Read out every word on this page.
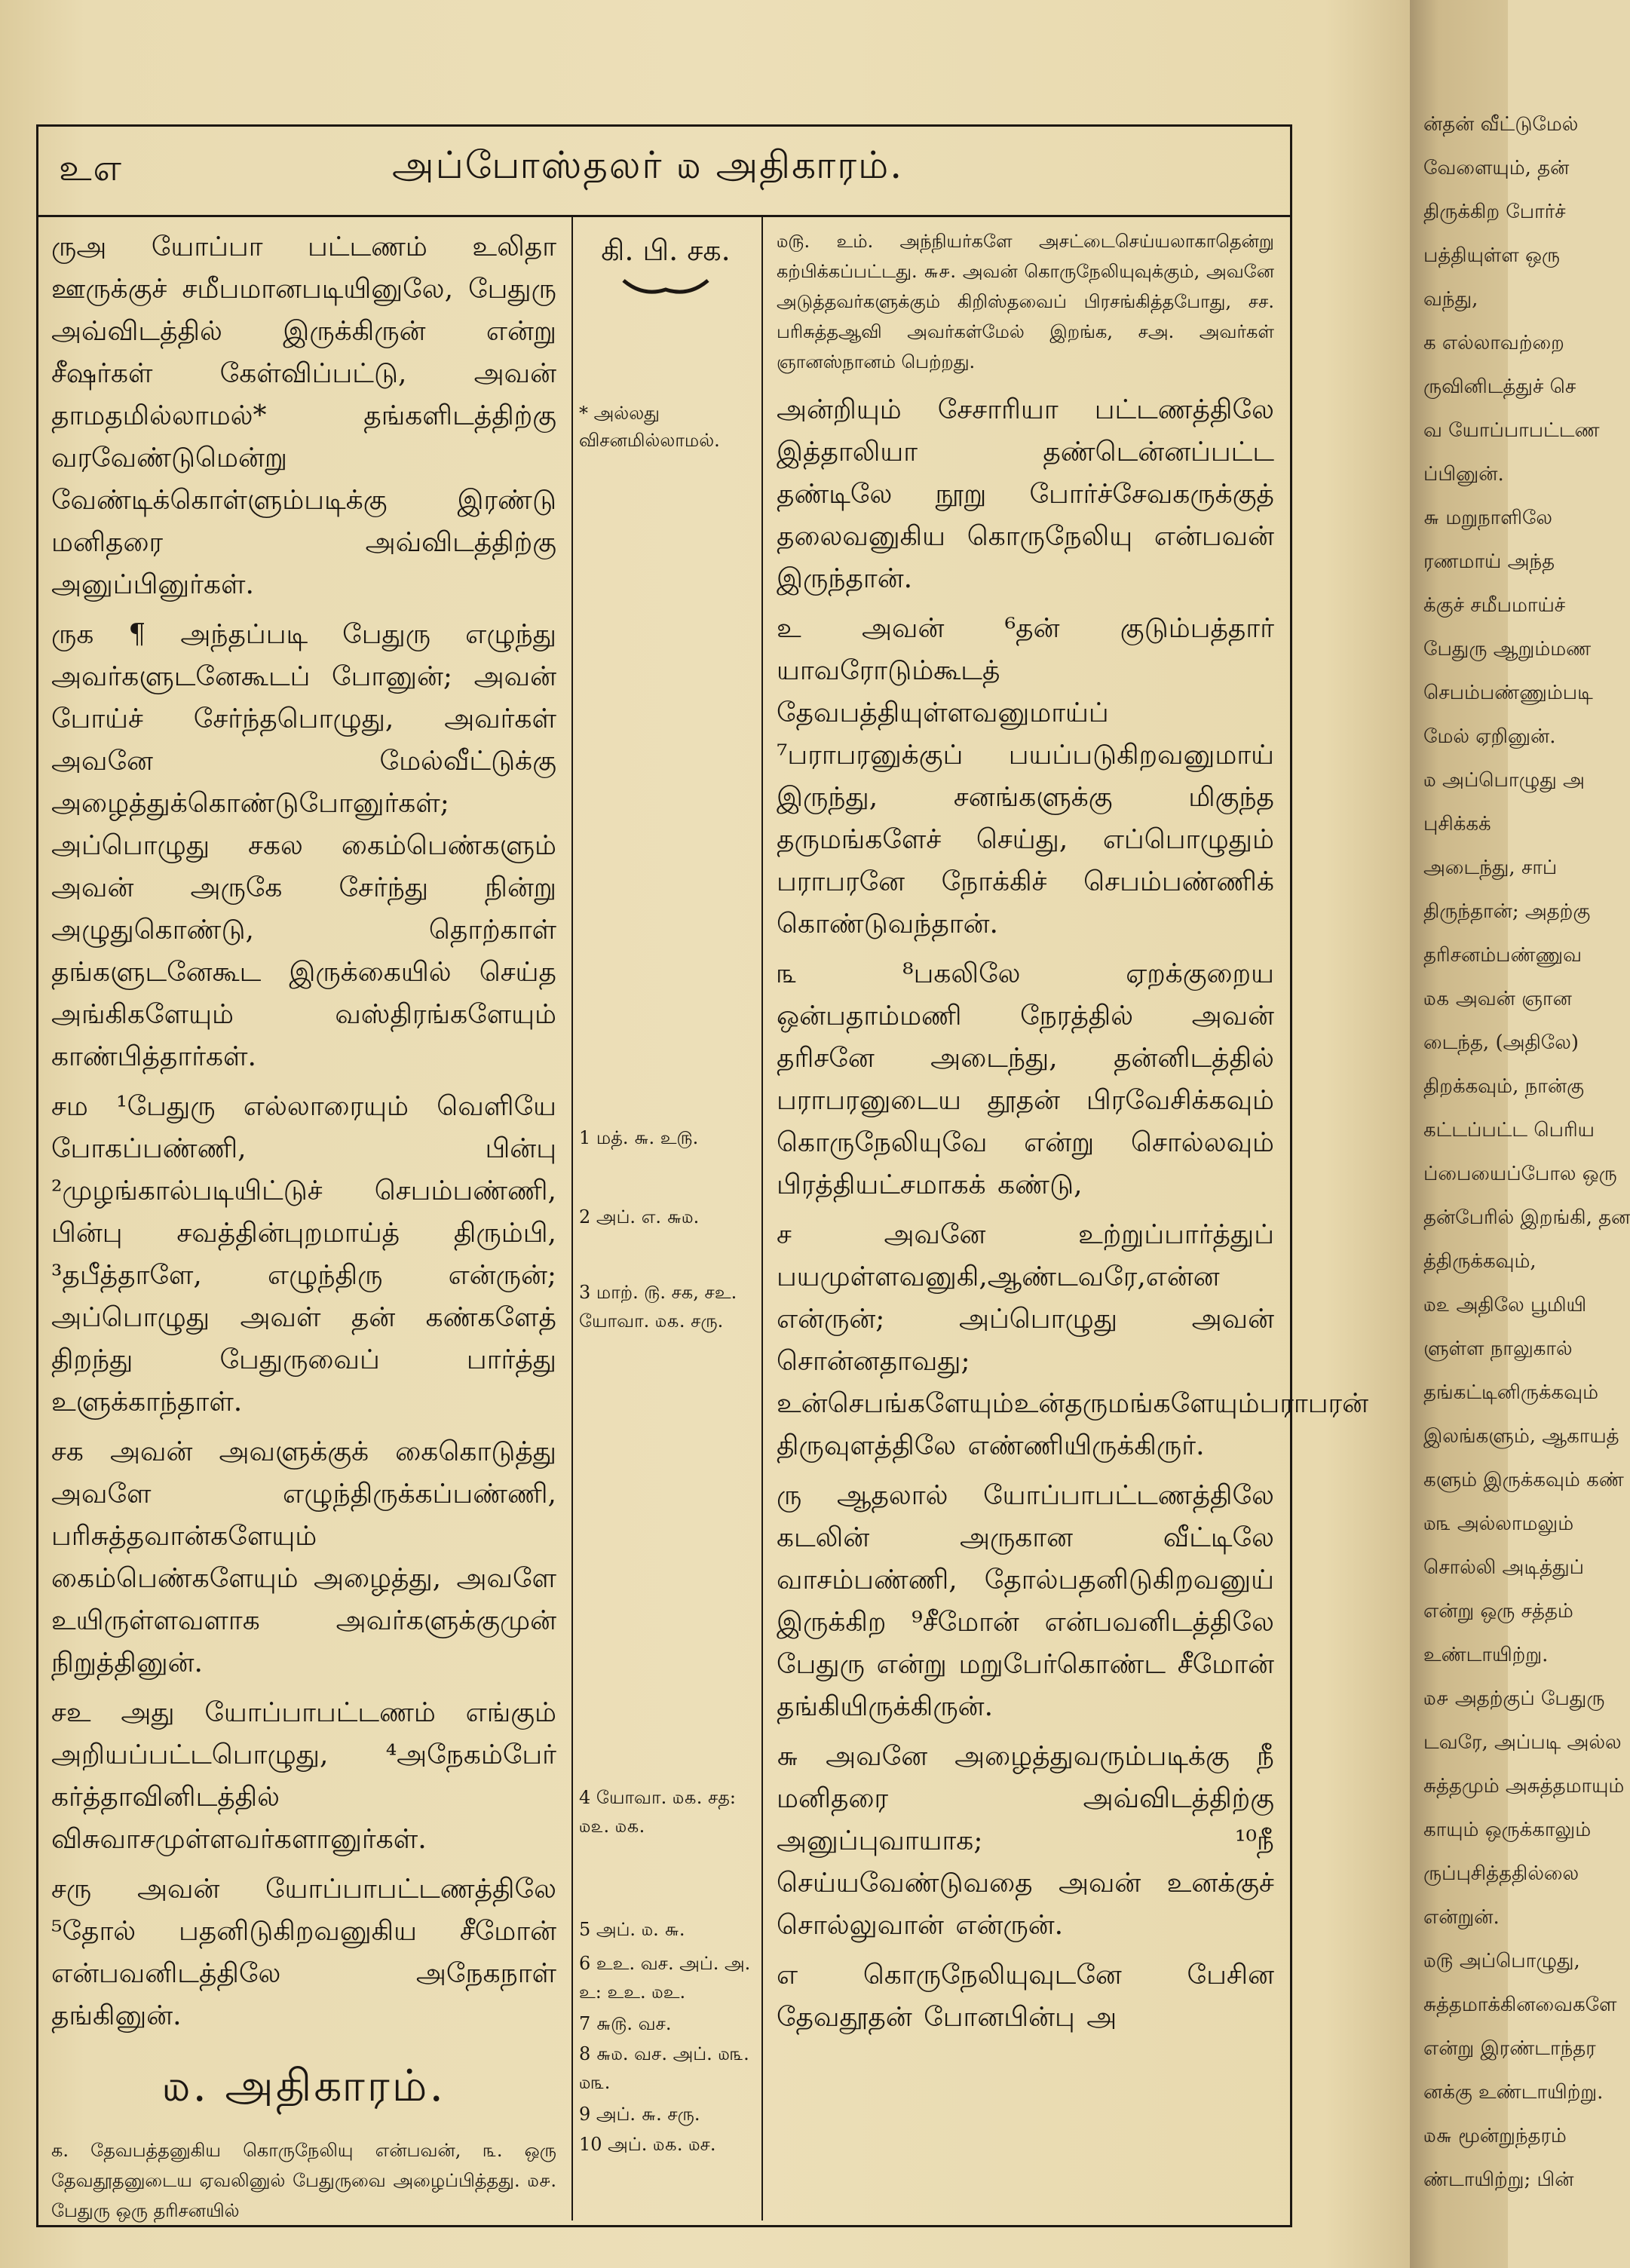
உஎ	அப்போஸ்தலர் ௰ அதிகாரம்.

ருஅ யோப்பா பட்டணம் உலிதா ஊருக்குச் சமீபமானபடியினுலே, பேதுரு அவ்விடத்தில் இருக்கிருன் என்று சீஷர்கள் கேள்விப்பட்டு, அவன் தாமதமில்லாமல்* தங்களிடத்திற்கு வரவேண்டுமென்று வேண்டிக்கொள்ளும்படிக்கு இரண்டு மனிதரை அவ்விடத்திற்கு அனுப்பினுர்கள்.

ருக ¶ அந்தப்படி பேதுரு எழுந்து அவர்களுடனேகூடப் போனுன்; அவன் போய்ச் சேர்ந்தபொழுது, அவர்கள் அவனே மேல்வீட்டுக்கு அழைத்துக்கொண்டுபோனுர்கள்; அப்பொழுது சகல கைம்பெண்களும் அவன் அருகே சேர்ந்து நின்று அழுதுகொண்டு, தொற்காள் தங்களுடனேகூட இருக்கையில் செய்த அங்கிகளேயும் வஸ்திரங்களேயும் காண்பித்தார்கள்.

சம ¹பேதுரு எல்லாரையும் வெளியே போகப்பண்ணி, பின்பு ²முழங்கால்படியிட்டுச் செபம்பண்ணி, பின்பு சவத்தின்புறமாய்த் திரும்பி, ³தபீத்தாளே, எழுந்திரு என்ருன்; அப்பொழுது அவள் தன் கண்களேத் திறந்து பேதுருவைப் பார்த்து உளுக்காந்தாள்.

சக அவன் அவளுக்குக் கைகொடுத்து அவளே எழுந்திருக்கப்பண்ணி, பரிசுத்தவான்களேயும் கைம்பெண்களேயும் அழைத்து, அவளே உயிருள்ளவளாக அவர்களுக்குமுன் நிறுத்தினுன்.

சஉ அது யோப்பாபட்டணம் எங்கும் அறியப்பட்டபொழுது, ⁴அநேகம்பேர் கர்த்தாவினிடத்தில் விசுவாசமுள்ளவர்களானுர்கள்.

சரு அவன் யோப்பாபட்டணத்திலே ⁵தோல் பதனிடுகிறவனுகிய சீமோன் என்பவனிடத்திலே அநேகநாள் தங்கினுன்.

௰. அதிகாரம்.

க. தேவபத்தனுகிய கொருநேலியு என்பவன், ௩. ஒரு தேவதூதனுடைய ஏவலினுல் பேதுருவை அழைப்பித்தது. ௰௪. பேதுரு ஒரு தரிசனயில்

கி. பி. சக.
* அல்லது விசனமில்லாமல்.
1 மத். ௬. உ௫.
2 அப். எ. ௬௰.
3 மாற். ௫. சக, சஉ. யோவா. ௰௧. சரு.
4 யோவா. ௰௧. சத: ௰௨. ௰௧.
5 அப். ௰. ௬.
6 உஉ. வச. அப். அ. உ: உஉ. ௰உ.
7 ௬௫. வச.
8 ௬௰. வச. அப். ௰௩. ௰௩.
9 அப். ௬. சரு.
10 அப். ௰௧. ௰ச.

௰௫. உம். அந்நியர்களே அசட்டைசெய்யலாகாதென்று கற்பிக்கப்பட்டது. ௬௪. அவன் கொருநேலியுவுக்கும், அவனே அடுத்தவர்களுக்கும் கிறிஸ்தவைப் பிரசங்கித்தபோது, சச. பரிசுத்தஆவி அவர்கள்மேல் இறங்க, சஅ. அவர்கள் ஞானஸ்நானம் பெற்றது.

அன்றியும் சேசாரியா பட்டணத்திலே இத்தாலியா தண்டென்னப்பட்ட தண்டிலே நூறு போர்ச்சேவகருக்குத் தலைவனுகிய கொருநேலியு என்பவன் இருந்தான்.

உ அவன் ⁶தன் குடும்பத்தார் யாவரோடும்கூடத் தேவபத்தியுள்ளவனுமாய்ப் ⁷பராபரனுக்குப் பயப்படுகிறவனுமாய் இருந்து, சனங்களுக்கு மிகுந்த தருமங்களேச் செய்து, எப்பொழுதும் பராபரனே நோக்கிச் செபம்பண்ணிக் கொண்டுவந்தான்.

௩ ⁸பகலிலே ஏறக்குறைய ஒன்பதாம்மணி நேரத்தில் அவன் தரிசனே அடைந்து, தன்னிடத்தில் பராபரனுடைய தூதன் பிரவேசிக்கவும் கொருநேலியுவே என்று சொல்லவும் பிரத்தியட்சமாகக் கண்டு,

ச அவனே உற்றுப்பார்த்துப் பயமுள்ளவனுகி,ஆண்டவரே,என்ன என்ருன்; அப்பொழுது அவன் சொன்னதாவது; உன்செபங்களேயும்உன்தருமங்களேயும்பராபரன் திருவுளத்திலே எண்ணியிருக்கிருர்.

ரு ஆதலால் யோப்பாபட்டணத்திலே கடலின் அருகான வீட்டிலே வாசம்பண்ணி, தோல்பதனிடுகிறவனுய் இருக்கிற ⁹சீமோன் என்பவனிடத்திலே பேதுரு என்று மறுபேர்கொண்ட சீமோன் தங்கியிருக்கிருன்.

௬ அவனே அழைத்துவரும்படிக்கு நீ மனிதரை அவ்விடத்திற்கு அனுப்புவாயாக; ¹⁰நீ செய்யவேண்டுவதை அவன் உனக்குச் சொல்லுவான் என்ருன்.

எ கொருநேலியுவுடனே பேசின தேவதூதன் போனபின்பு அ

ன்தன் வீட்டுமேல்
வேளையும், தன்
திருக்கிற போர்ச்
பத்தியுள்ள ஒரு
வந்து,
க எல்லாவற்றை
ருவினிடத்துச் செ
வ யோப்பாபட்டண
ப்பினுன்.
௬ மறுநாளிலே
ரணமாய் அந்த
க்குச் சமீபமாய்ச்
பேதுரு ஆறும்மண
செபம்பண்ணும்படி
மேல் ஏறினுன்.
௰ அப்பொழுது அ
புசிக்கக்
அடைந்து, சாப்
திருந்தான்; அதற்கு
தரிசனம்பண்ணுவ
௰௧ அவன் ஞான
டைந்த, (அதிலே)
திறக்கவும், நான்கு
கட்டப்பட்ட பெரிய
ப்பையைப்போல ஒரு
தன்பேரில் இறங்கி, தன
த்திருக்கவும்,
௰௨ அதிலே பூமியி
ளுள்ள நாலுகால்
தங்கட்டினிருக்கவும்
இலங்களும், ஆகாயத்
களும் இருக்கவும் கண்
௰௩ அல்லாமலும்
சொல்லி அடித்துப்
என்று ஒரு சத்தம்
உண்டாயிற்று.
௰௪ அதற்குப் பேதுரு
டவரே, அப்படி அல்ல
சுத்தமும் அசுத்தமாயும்
காயும் ஒருக்காலும்
ருப்புசித்ததில்லை
என்றுன்.
௰௫ அப்பொழுது,
சுத்தமாக்கினவைகளே
என்று இரண்டாந்தர
னக்கு உண்டாயிற்று.
௰௬ மூன்றுந்தரம்
ண்டாயிற்று; பின்
